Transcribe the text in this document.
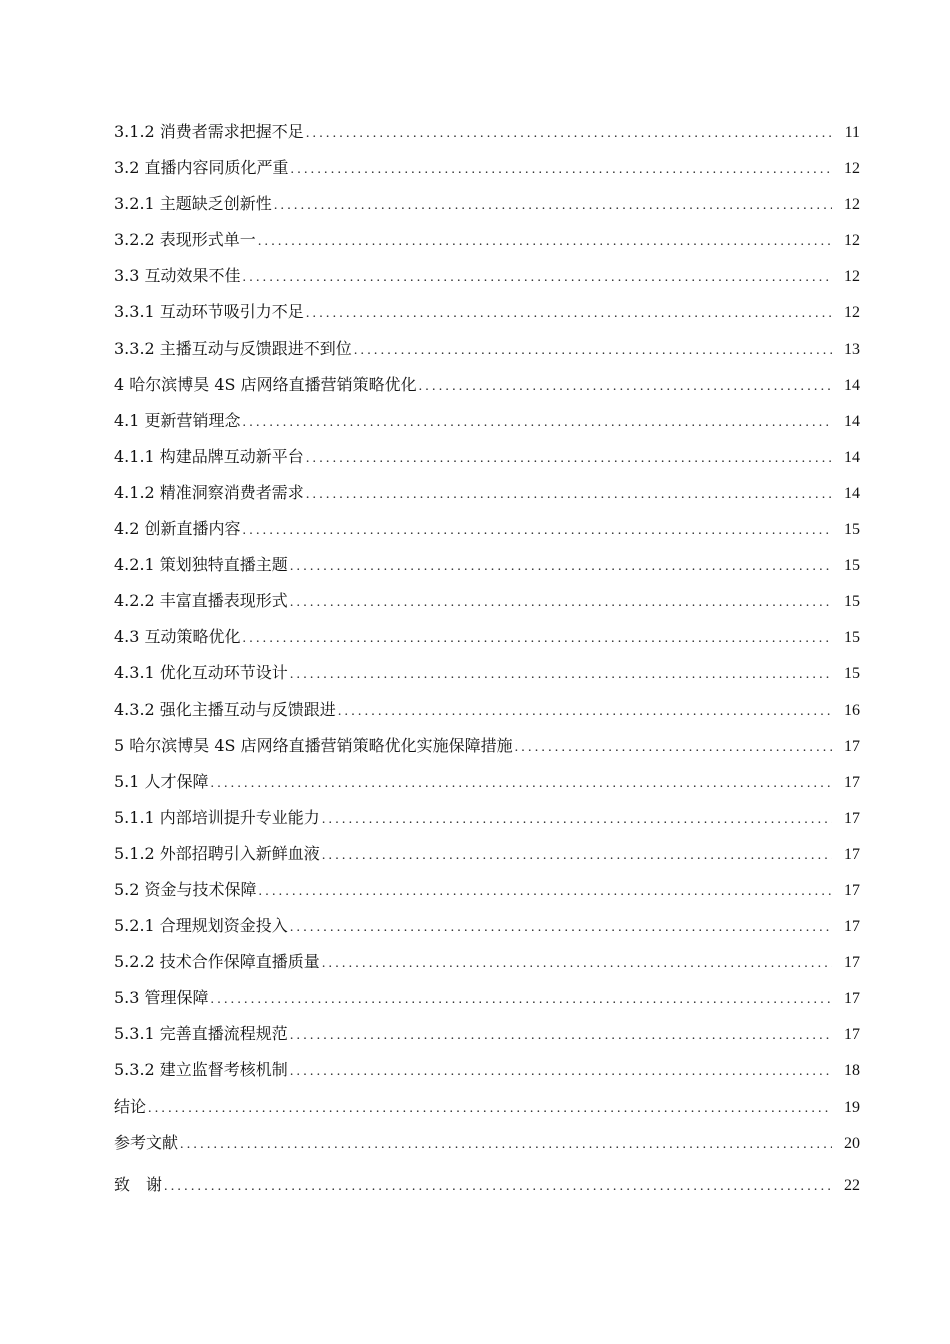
3.1.2 消费者需求把握不足 .....	11
3.2 直播内容同质化严重 .....	12
3.2.1 主题缺乏创新性 .....	12
3.2.2 表现形式单一 .....	12
3.3 互动效果不佳 .....	12
3.3.1 互动环节吸引力不足 .....	12
3.3.2 主播互动与反馈跟进不到位 .....	13
4 哈尔滨博昊 4S 店网络直播营销策略优化 .....	14
4.1 更新营销理念 .....	14
4.1.1 构建品牌互动新平台 .....	14
4.1.2 精准洞察消费者需求 .....	14
4.2 创新直播内容 .....	15
4.2.1 策划独特直播主题 .....	15
4.2.2 丰富直播表现形式 .....	15
4.3 互动策略优化 .....	15
4.3.1 优化互动环节设计 .....	15
4.3.2 强化主播互动与反馈跟进 .....	16
5 哈尔滨博昊 4S 店网络直播营销策略优化实施保障措施 .....	17
5.1 人才保障 .....	17
5.1.1 内部培训提升专业能力 .....	17
5.1.2 外部招聘引入新鲜血液 .....	17
5.2 资金与技术保障 .....	17
5.2.1 合理规划资金投入 .....	17
5.2.2 技术合作保障直播质量 .....	17
5.3 管理保障 .....	17
5.3.1 完善直播流程规范 .....	17
5.3.2 建立监督考核机制 .....	18
结论 .....	19
参考文献 .....	20
致　谢 .....	22
